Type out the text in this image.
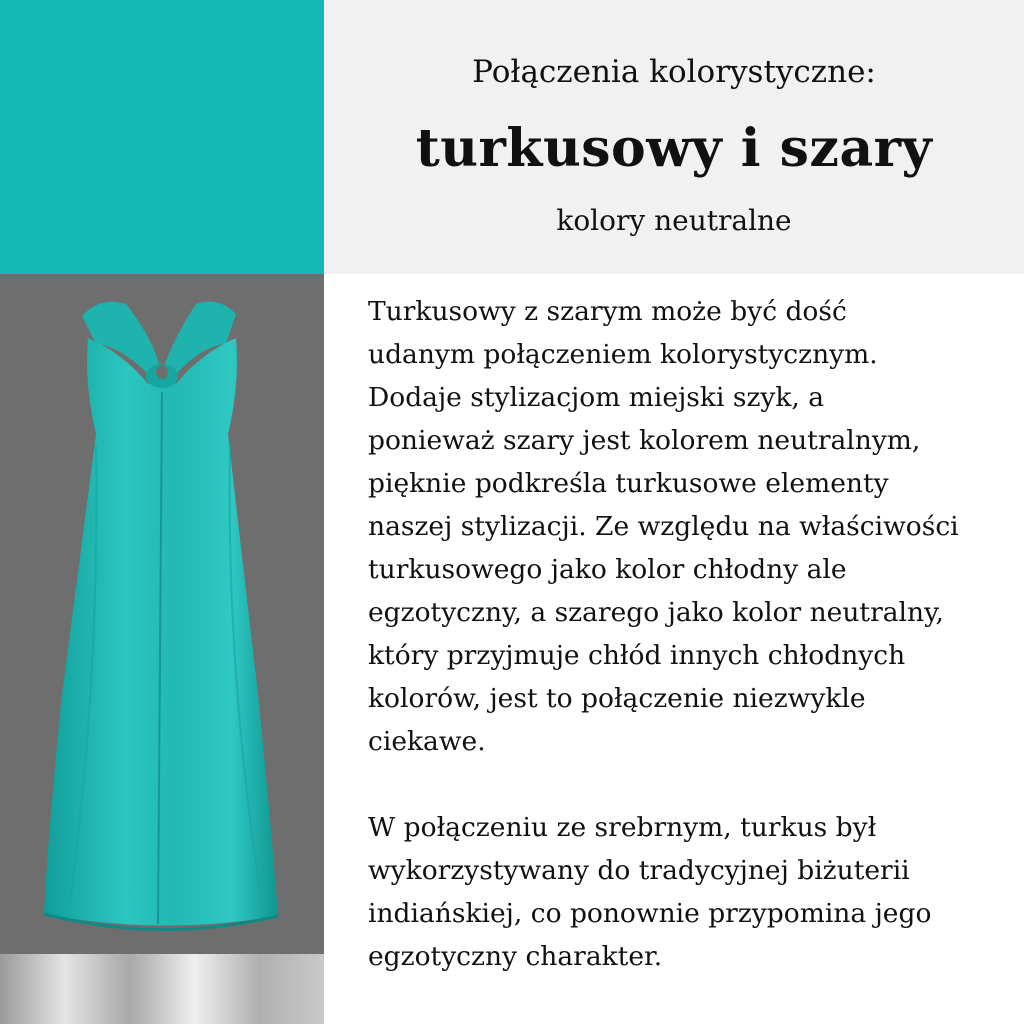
Połączenia kolorystyczne:
turkusowy i szary
kolory neutralne

Turkusowy z szarym może być dość
udanym połączeniem kolorystycznym.
Dodaje stylizacjom miejski szyk, a
ponieważ szary jest kolorem neutralnym,
pięknie podkreśla turkusowe elementy
naszej stylizacji. Ze względu na właściwości
turkusowego jako kolor chłodny ale
egzotyczny, a szarego jako kolor neutralny,
który przyjmuje chłód innych chłodnych
kolorów, jest to połączenie niezwykle
ciekawe.

W połączeniu ze srebrnym, turkus był
wykorzystywany do tradycyjnej biżuterii
indiańskiej, co ponownie przypomina jego
egzotyczny charakter.
